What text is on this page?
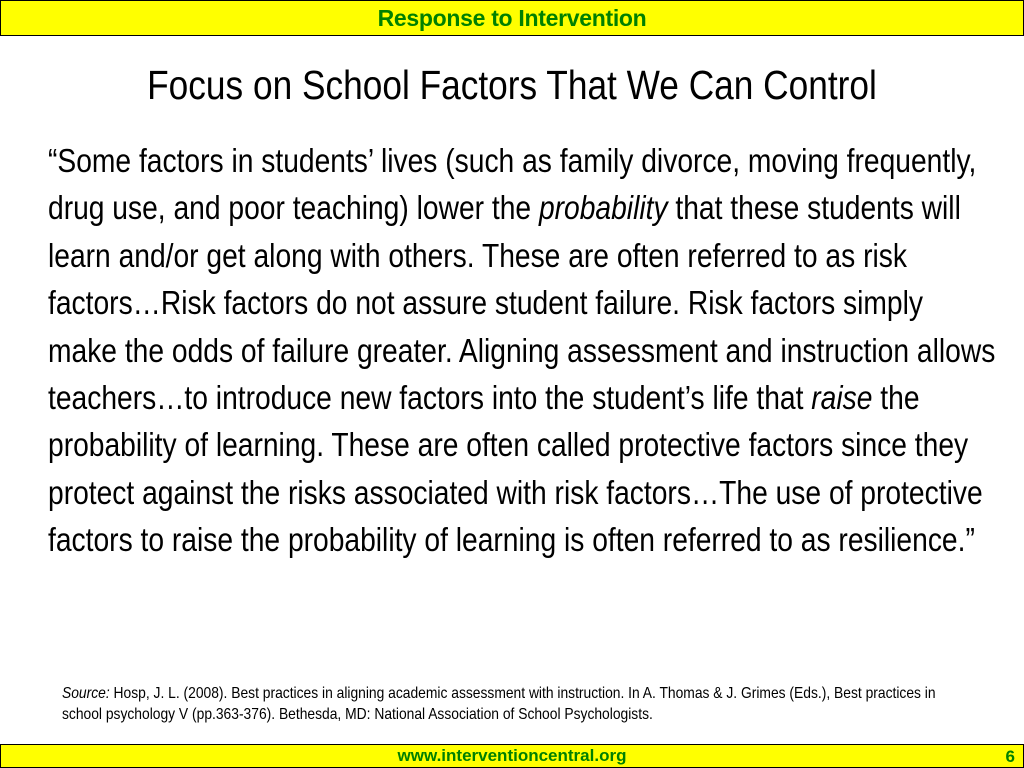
Response to Intervention
Focus on School Factors That We Can Control

“Some factors in students’ lives (such as family divorce, moving frequently, drug use, and poor teaching) lower the probability that these students will learn and/or get along with others. These are often referred to as risk factors…Risk factors do not assure student failure. Risk factors simply make the odds of failure greater. Aligning assessment and instruction allows teachers…to introduce new factors into the student’s life that raise the probability of learning. These are often called protective factors since they protect against the risks associated with risk factors…The use of protective factors to raise the probability of learning is often referred to as resilience.”

Source: Hosp, J. L. (2008). Best practices in aligning academic assessment with instruction. In A. Thomas & J. Grimes (Eds.), Best practices in school psychology V (pp.363-376). Bethesda, MD: National Association of School Psychologists.

www.interventioncentral.org	6
